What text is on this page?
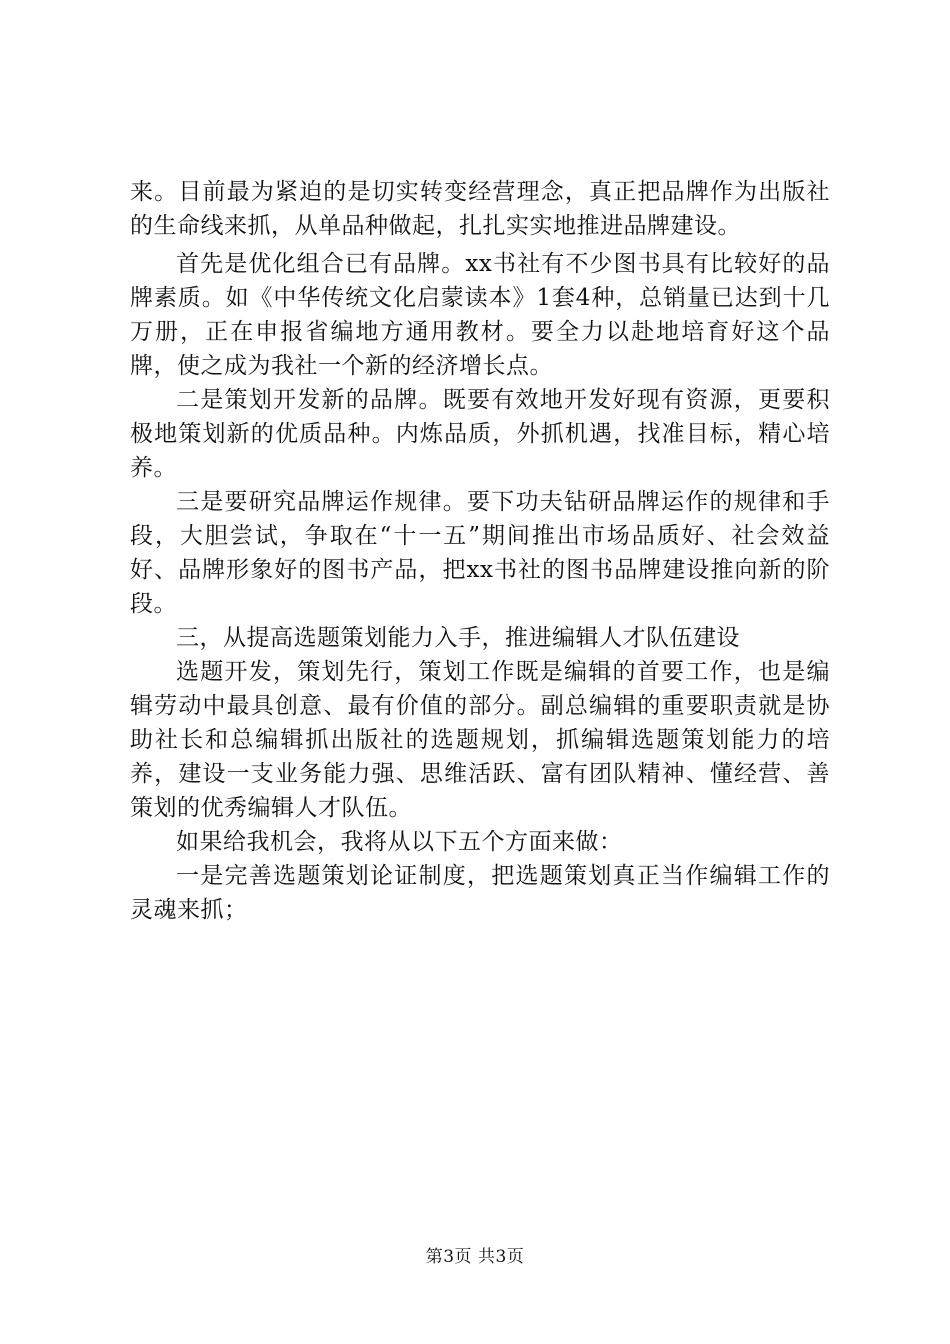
来。目前最为紧迫的是切实转变经营理念，真正把品牌作为出版社的生命线来抓，从单品种做起，扎扎实实地推进品牌建设。

首先是优化组合已有品牌。xx书社有不少图书具有比较好的品牌素质。如《中华传统文化启蒙读本》1套4种，总销量已达到十几万册，正在申报省编地方通用教材。要全力以赴地培育好这个品牌，使之成为我社一个新的经济增长点。

二是策划开发新的品牌。既要有效地开发好现有资源，更要积极地策划新的优质品种。内炼品质，外抓机遇，找准目标，精心培养。

三是要研究品牌运作规律。要下功夫钻研品牌运作的规律和手段，大胆尝试，争取在“十一五”期间推出市场品质好、社会效益好、品牌形象好的图书产品，把xx书社的图书品牌建设推向新的阶段。

三，从提高选题策划能力入手，推进编辑人才队伍建设

选题开发，策划先行，策划工作既是编辑的首要工作，也是编辑劳动中最具创意、最有价值的部分。副总编辑的重要职责就是协助社长和总编辑抓出版社的选题规划，抓编辑选题策划能力的培养，建设一支业务能力强、思维活跃、富有团队精神、懂经营、善策划的优秀编辑人才队伍。

如果给我机会，我将从以下五个方面来做：

一是完善选题策划论证制度，把选题策划真正当作编辑工作的灵魂来抓；

第3页 共3页
